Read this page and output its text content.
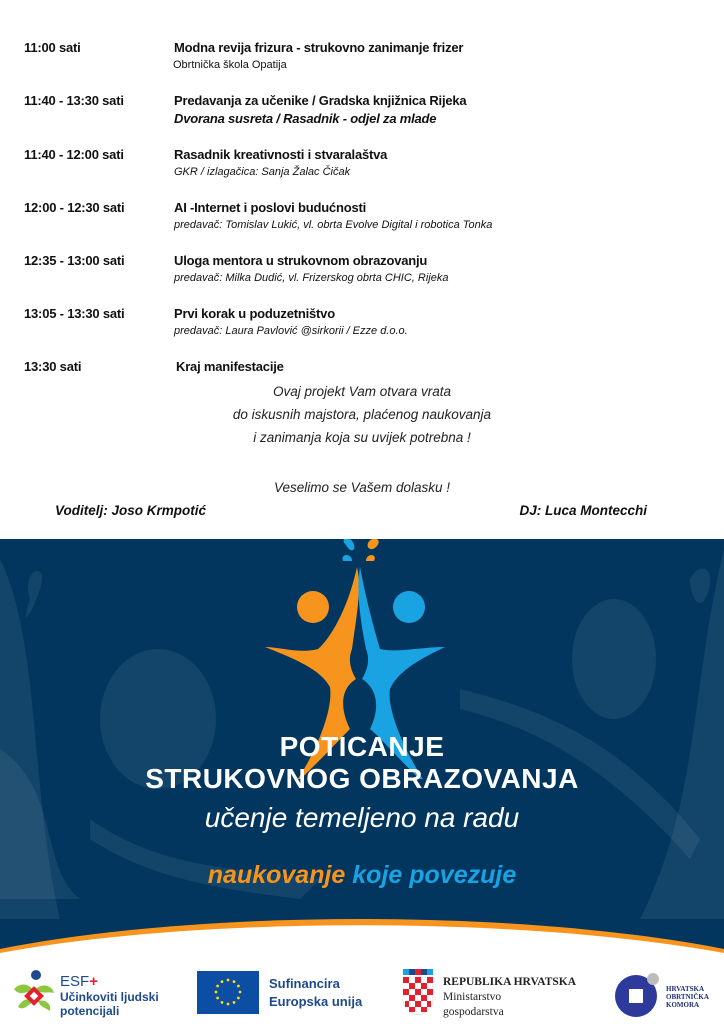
11:00 sati	Modna revija frizura - strukovno zanimanje frizer
Obrtnička škola Opatija
11:40 - 13:30 sati	Predavanja za učenike / Gradska knjižnica Rijeka
Dvorana susreta / Rasadnik - odjel za mlade
11:40 - 12:00 sati	Rasadnik kreativnosti i stvaralaštva
GKR / izlagačica: Sanja Žalac Čičak
12:00 - 12:30 sati	AI -Internet i poslovi budućnosti
predavač: Tomislav Lukić, vl. obrta Evolve Digital i robotica Tonka
12:35 - 13:00 sati	Uloga mentora u strukovnom obrazovanju
predavač: Milka Dudić, vl. Frizerskog obrta CHIC, Rijeka
13:05 - 13:30 sati	Prvi korak u poduzetništvo
predavač: Laura Pavlović @sirkorii / Ezze d.o.o.
13:30 sati	Kraj manifestacije
Ovaj projekt Vam otvara vrata
do iskusnih majstora, plaćenog naukovanja
i zanimanja koja su uvijek potrebna !
Veselimo se Vašem dolasku !
Voditelj: Joso Krmpotić	DJ: Luca Montecchi
POTICANJE
STRUKOVNOG OBRAZOVANJA
učenje temeljeno na radu
naukovanje koje povezuje
ESF+
Učinkoviti ljudski
potencijali
Sufinancira
Europska unija
REPUBLIKA HRVATSKA
Ministarstvo
gospodarstva
HRVATSKA
OBRTNIČKA
KOMORA
